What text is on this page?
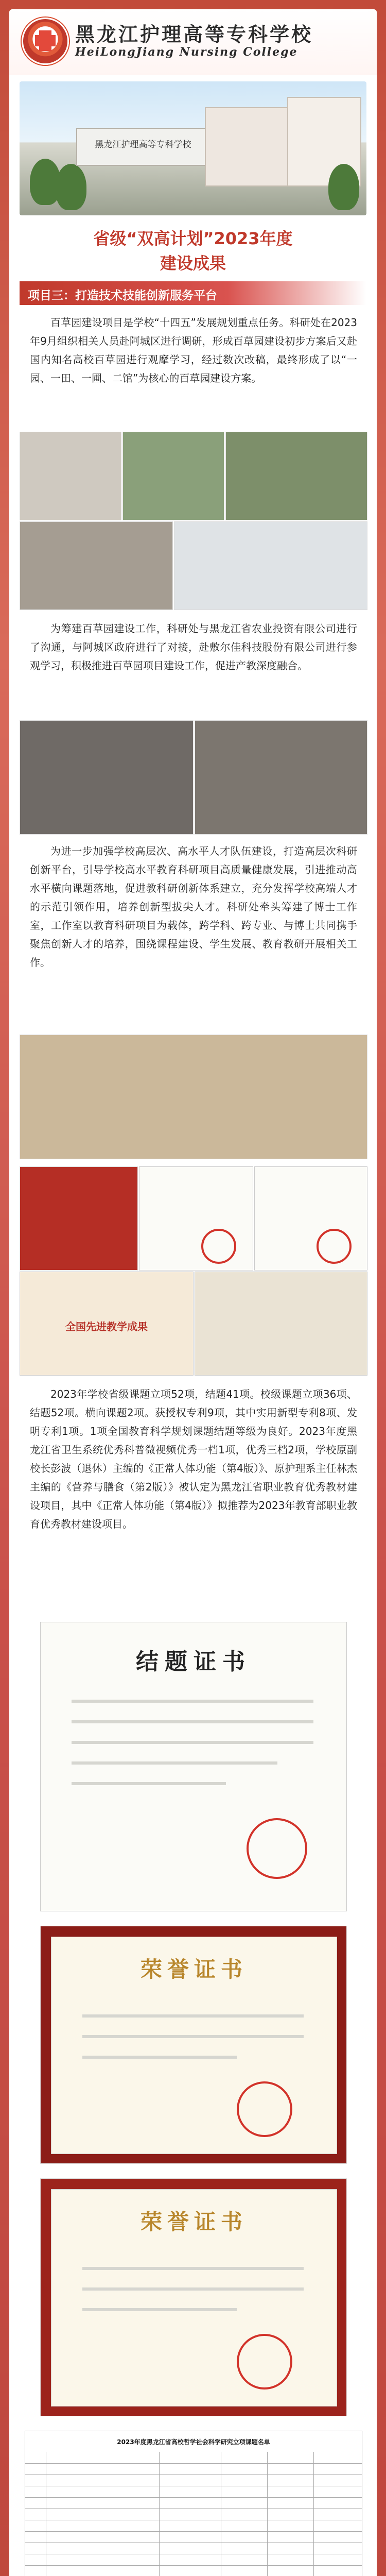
黑龙江护理高等专科学校
HeiLongJiang Nursing College
黑龙江护理高等专科学校
省级“双高计划”2023年度
建设成果
项目三：打造技术技能创新服务平台
百草园建设项目是学校“十四五”发展规划重点任务。科研处在2023年9月组织相关人员赴阿城区进行调研，形成百草园建设初步方案后又赴国内知名高校百草园进行观摩学习，经过数次改稿，最终形成了以“一园、一田、一圃、二馆”为核心的百草园建设方案。
为筹建百草园建设工作，科研处与黑龙江省农业投资有限公司进行了沟通，与阿城区政府进行了对接，赴敷尔佳科技股份有限公司进行参观学习，积极推进百草园项目建设工作，促进产教深度融合。
为进一步加强学校高层次、高水平人才队伍建设，打造高层次科研创新平台，引导学校高水平教育科研项目高质量健康发展，引进推动高水平横向课题落地，促进教科研创新体系建立，充分发挥学校高端人才的示范引领作用，培养创新型拔尖人才。科研处牵头筹建了博士工作室，工作室以教育科研项目为载体，跨学科、跨专业、与博士共同携手聚焦创新人才的培养，围绕课程建设、学生发展、教育教研开展相关工作。
全国先进教学成果
2023年学校省级课题立项52项，结题41项。校级课题立项36项、结题52项。横向课题2项。获授权专利9项，其中实用新型专利8项、发明专利1项。1项全国教育科学规划课题结题等级为良好。2023年度黑龙江省卫生系统优秀科普微视频优秀一档1项，优秀三档2项，学校原副校长彭波（退休）主编的《正常人体功能（第4版）》、原护理系主任林杰主编的《营养与膳食（第2版）》被认定为黑龙江省职业教育优秀教材建设项目，其中《正常人体功能（第4版）》拟推荐为2023年教育部职业教育优秀教材建设项目。
结题证书
荣誉证书
荣誉证书
2023年度黑龙江省高校哲学社会科学研究立项课题名单
